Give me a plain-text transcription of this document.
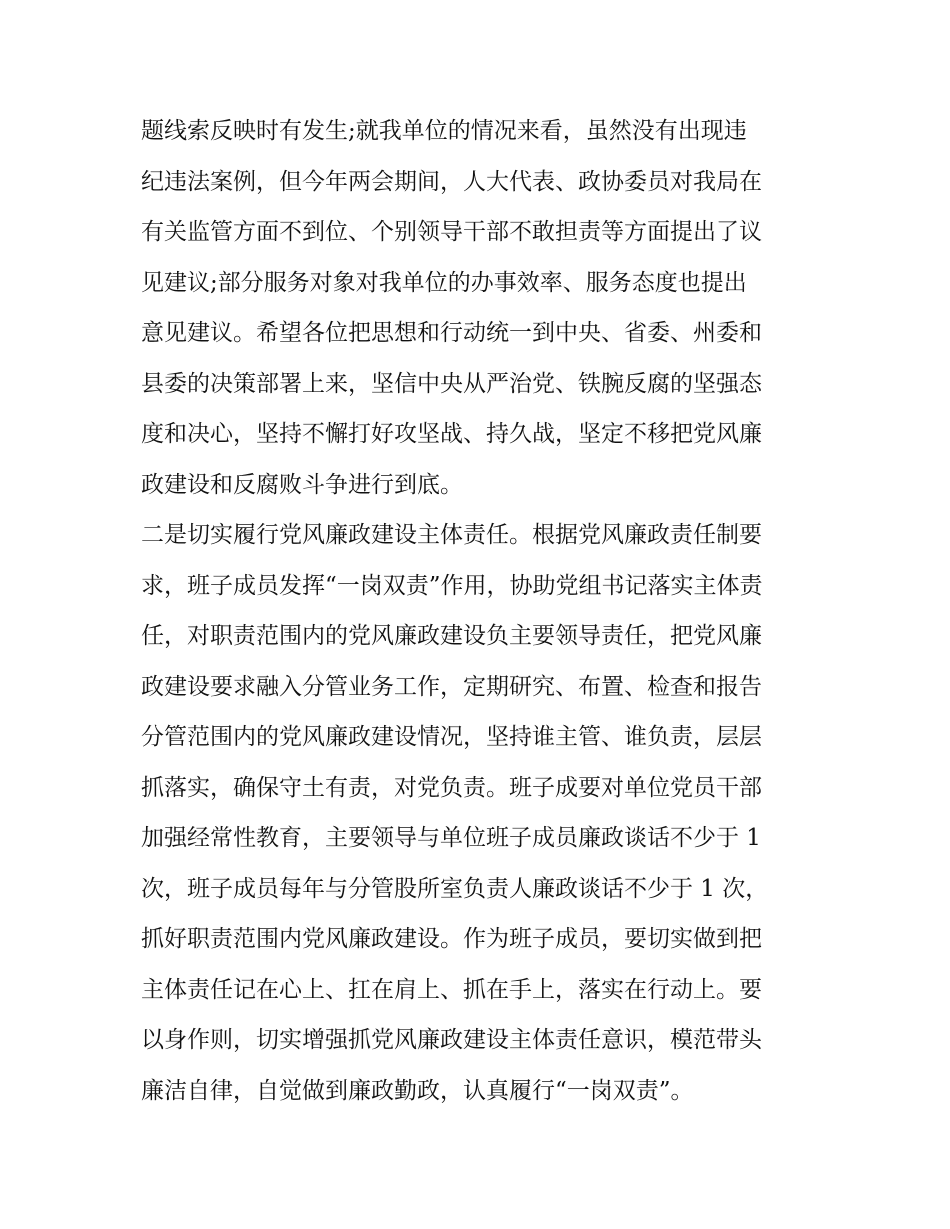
题线索反映时有发生;就我单位的情况来看，虽然没有出现违
纪违法案例，但今年两会期间，人大代表、政协委员对我局在
有关监管方面不到位、个别领导干部不敢担责等方面提出了议
见建议;部分服务对象对我单位的办事效率、服务态度也提出
意见建议。希望各位把思想和行动统一到中央、省委、州委和
县委的决策部署上来，坚信中央从严治党、铁腕反腐的坚强态
度和决心，坚持不懈打好攻坚战、持久战，坚定不移把党风廉
政建设和反腐败斗争进行到底。
二是切实履行党风廉政建设主体责任。根据党风廉政责任制要
求，班子成员发挥“一岗双责”作用，协助党组书记落实主体责
任，对职责范围内的党风廉政建设负主要领导责任，把党风廉
政建设要求融入分管业务工作，定期研究、布置、检查和报告
分管范围内的党风廉政建设情况，坚持谁主管、谁负责，层层
抓落实，确保守土有责，对党负责。班子成要对单位党员干部
加强经常性教育，主要领导与单位班子成员廉政谈话不少于 1
次，班子成员每年与分管股所室负责人廉政谈话不少于 1 次，
抓好职责范围内党风廉政建设。作为班子成员，要切实做到把
主体责任记在心上、扛在肩上、抓在手上，落实在行动上。要
以身作则，切实增强抓党风廉政建设主体责任意识，模范带头
廉洁自律，自觉做到廉政勤政，认真履行“一岗双责”。
